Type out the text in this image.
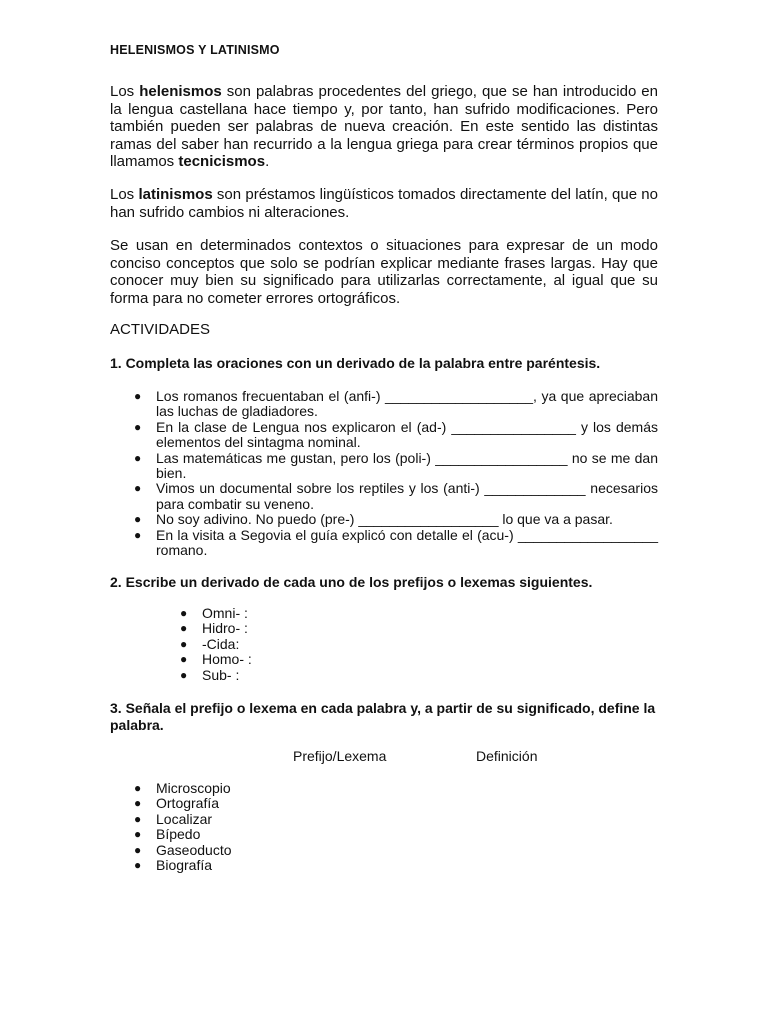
HELENISMOS Y LATINISMO

Los helenismos son palabras procedentes del griego, que se han introducido en la lengua castellana hace tiempo y, por tanto, han sufrido modificaciones. Pero también pueden ser palabras de nueva creación. En este sentido las distintas ramas del saber han recurrido a la lengua griega para crear términos propios que llamamos tecnicismos.

Los latinismos son préstamos lingüísticos tomados directamente del latín, que no han sufrido cambios ni alteraciones.

Se usan en determinados contextos o situaciones para expresar de un modo conciso conceptos que solo se podrían explicar mediante frases largas. Hay que conocer muy bien su significado para utilizarlas correctamente, al igual que su forma para no cometer errores ortográficos.

ACTIVIDADES

1. Completa las oraciones con un derivado de la palabra entre paréntesis.

● Los romanos frecuentaban el (anfi-) ___________________, ya que apreciaban las luchas de gladiadores.
● En la clase de Lengua nos explicaron el (ad-) ________________ y los demás elementos del sintagma nominal.
● Las matemáticas me gustan, pero los (poli-) _________________ no se me dan bien.
● Vimos un documental sobre los reptiles y los (anti-) _____________ necesarios para combatir su veneno.
● No soy adivino. No puedo (pre-) __________________ lo que va a pasar.
● En la visita a Segovia el guía explicó con detalle el (acu-) __________________ romano.

2. Escribe un derivado de cada uno de los prefijos o lexemas siguientes.

● Omni- :
● Hidro- :
● -Cida:
● Homo- :
● Sub- :

3. Señala el prefijo o lexema en cada palabra y, a partir de su significado, define la palabra.

Prefijo/Lexema	Definición
● Microscopio
● Ortografía
● Localizar
● Bípedo
● Gaseoducto
● Biografía
